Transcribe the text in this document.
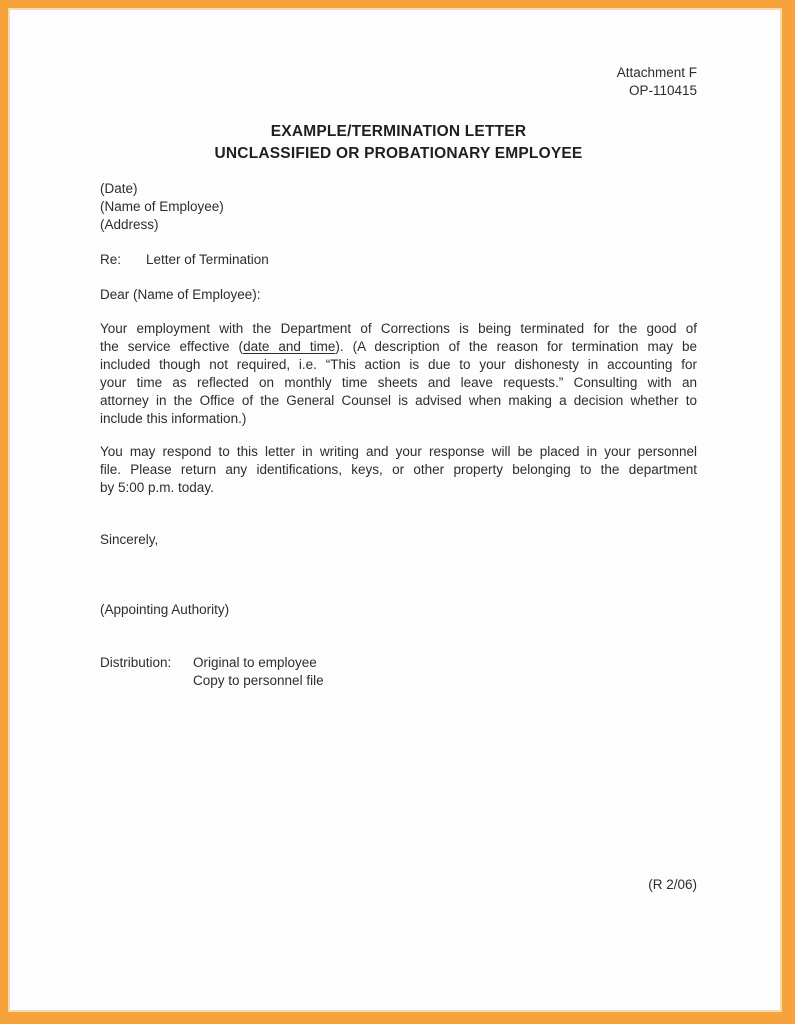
Attachment F
OP-110415
EXAMPLE/TERMINATION LETTER
UNCLASSIFIED OR PROBATIONARY EMPLOYEE
(Date)
(Name of Employee)
(Address)
Re:	Letter of Termination
Dear (Name of Employee):
Your employment with the Department of Corrections is being terminated for the good of
the service effective (date and time). (A description of the reason for termination may be
included though not required, i.e. “This action is due to your dishonesty in accounting for
your time as reflected on monthly time sheets and leave requests.” Consulting with an
attorney in the Office of the General Counsel is advised when making a decision whether to
include this information.)
You may respond to this letter in writing and your response will be placed in your personnel
file. Please return any identifications, keys, or other property belonging to the department
by 5:00 p.m. today.
Sincerely,
(Appointing Authority)
Distribution:	Original to employee
Copy to personnel file
(R 2/06)
